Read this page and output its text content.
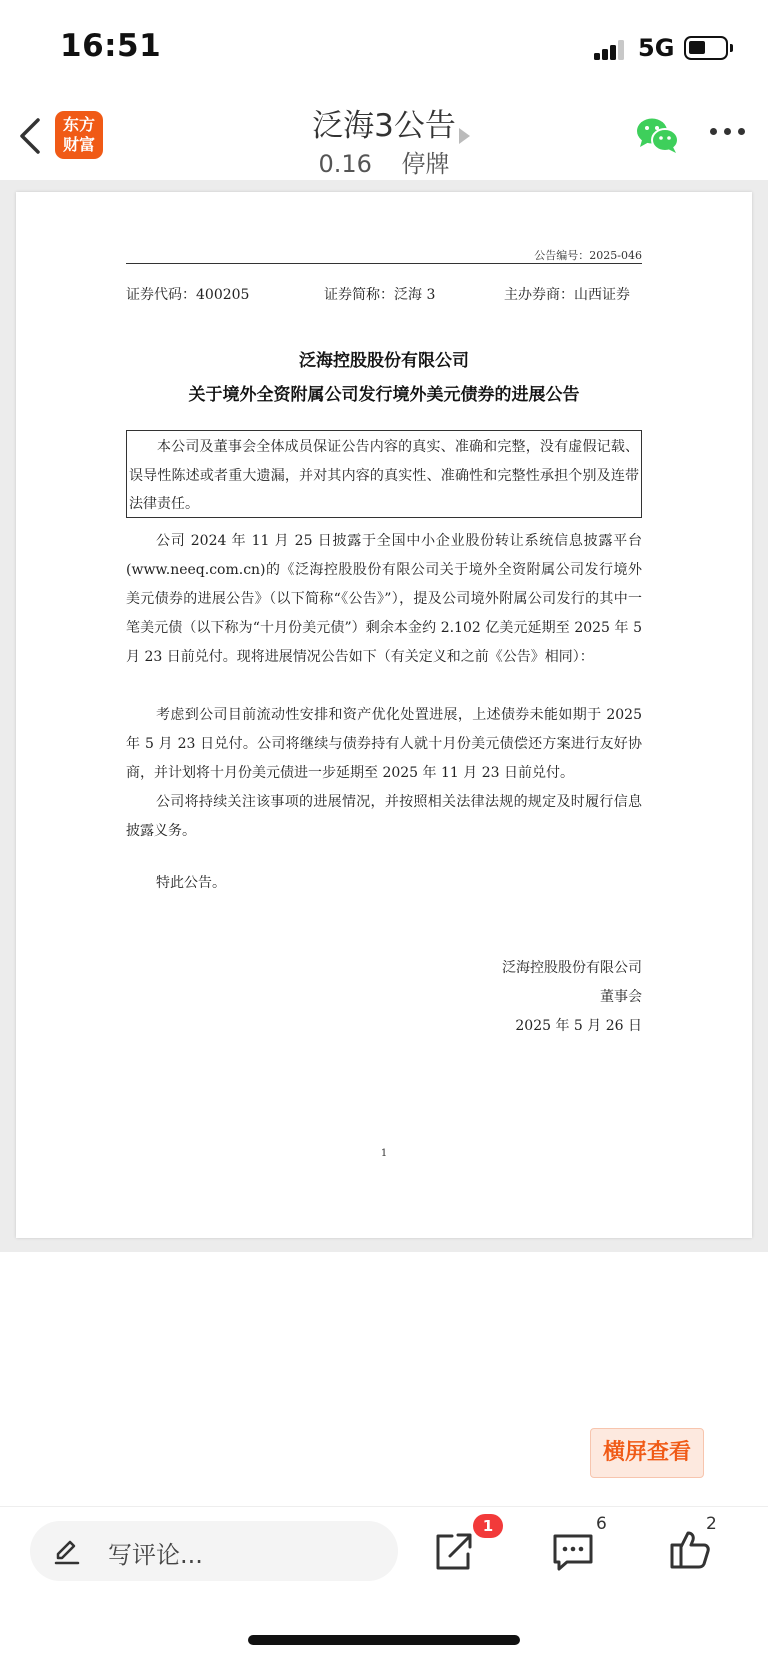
16:51	5G
东方
财富
泛海3公告
0.16 停牌
公告编号：2025-046
证券代码：400205	证券简称：泛海 3	主办券商：山西证券
泛海控股股份有限公司
关于境外全资附属公司发行境外美元债券的进展公告
本公司及董事会全体成员保证公告内容的真实、准确和完整，没有虚假记载、误导性陈述或者重大遗漏，并对其内容的真实性、准确性和完整性承担个别及连带法律责任。
公司 2024 年 11 月 25 日披露于全国中小企业股份转让系统信息披露平台(www.neeq.com.cn)的《泛海控股股份有限公司关于境外全资附属公司发行境外美元债券的进展公告》（以下简称“《公告》”），提及公司境外附属公司发行的其中一笔美元债（以下称为“十月份美元债”）剩余本金约 2.102 亿美元延期至 2025 年 5 月 23 日前兑付。现将进展情况公告如下（有关定义和之前《公告》相同）：
考虑到公司目前流动性安排和资产优化处置进展，上述债券未能如期于 2025 年 5 月 23 日兑付。公司将继续与债券持有人就十月份美元债偿还方案进行友好协商，并计划将十月份美元债进一步延期至 2025 年 11 月 23 日前兑付。
公司将持续关注该事项的进展情况，并按照相关法律法规的规定及时履行信息披露义务。
特此公告。
泛海控股股份有限公司
董事会
2025 年 5 月 26 日
1
横屏查看
写评论...
1	6	2
